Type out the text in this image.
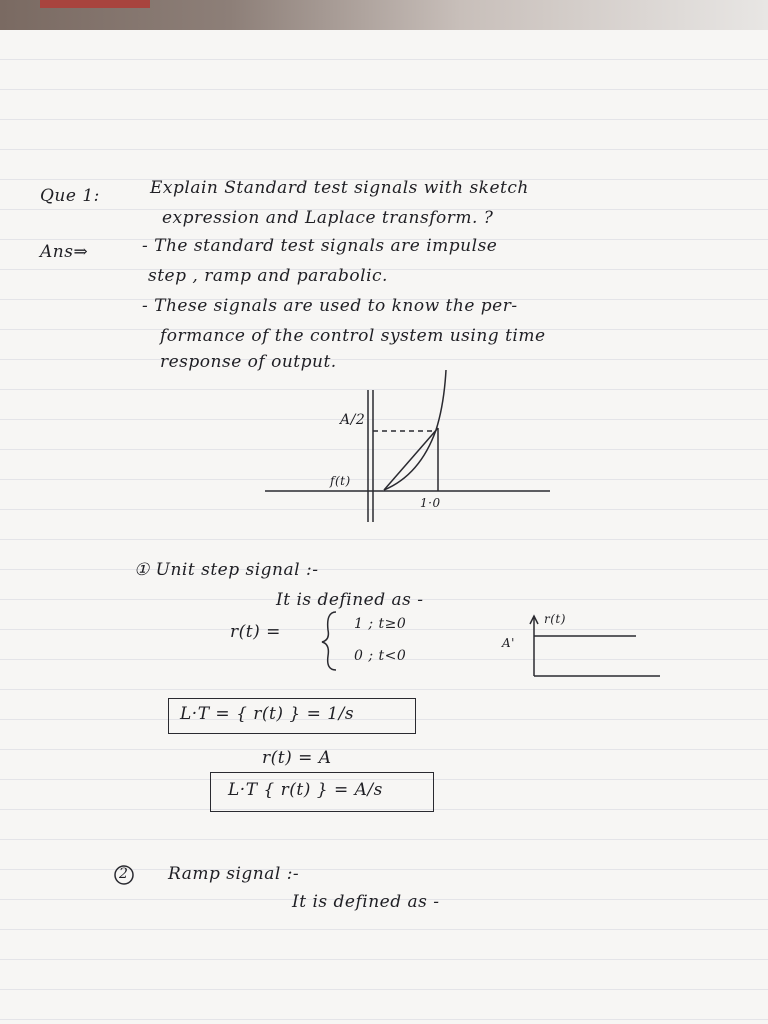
Que 1:	Explain Standard test signals with sketch
expression and Laplace transform. ?
Ans⇒	- The standard test signals are impulse
step , ramp and parabolic.
- These signals are used to know the per-
formance of the control system using time
response of output.
A/2
f(t)
1·0
① Unit step signal :-
It is defined as -
r(t) =	1 ; t≥0
0 ; t<0
r(t)
A'
L·T = { r(t) } = 1/s
r(t) = A
L·T { r(t) } = A/s
2 Ramp signal :-
It is defined as -
